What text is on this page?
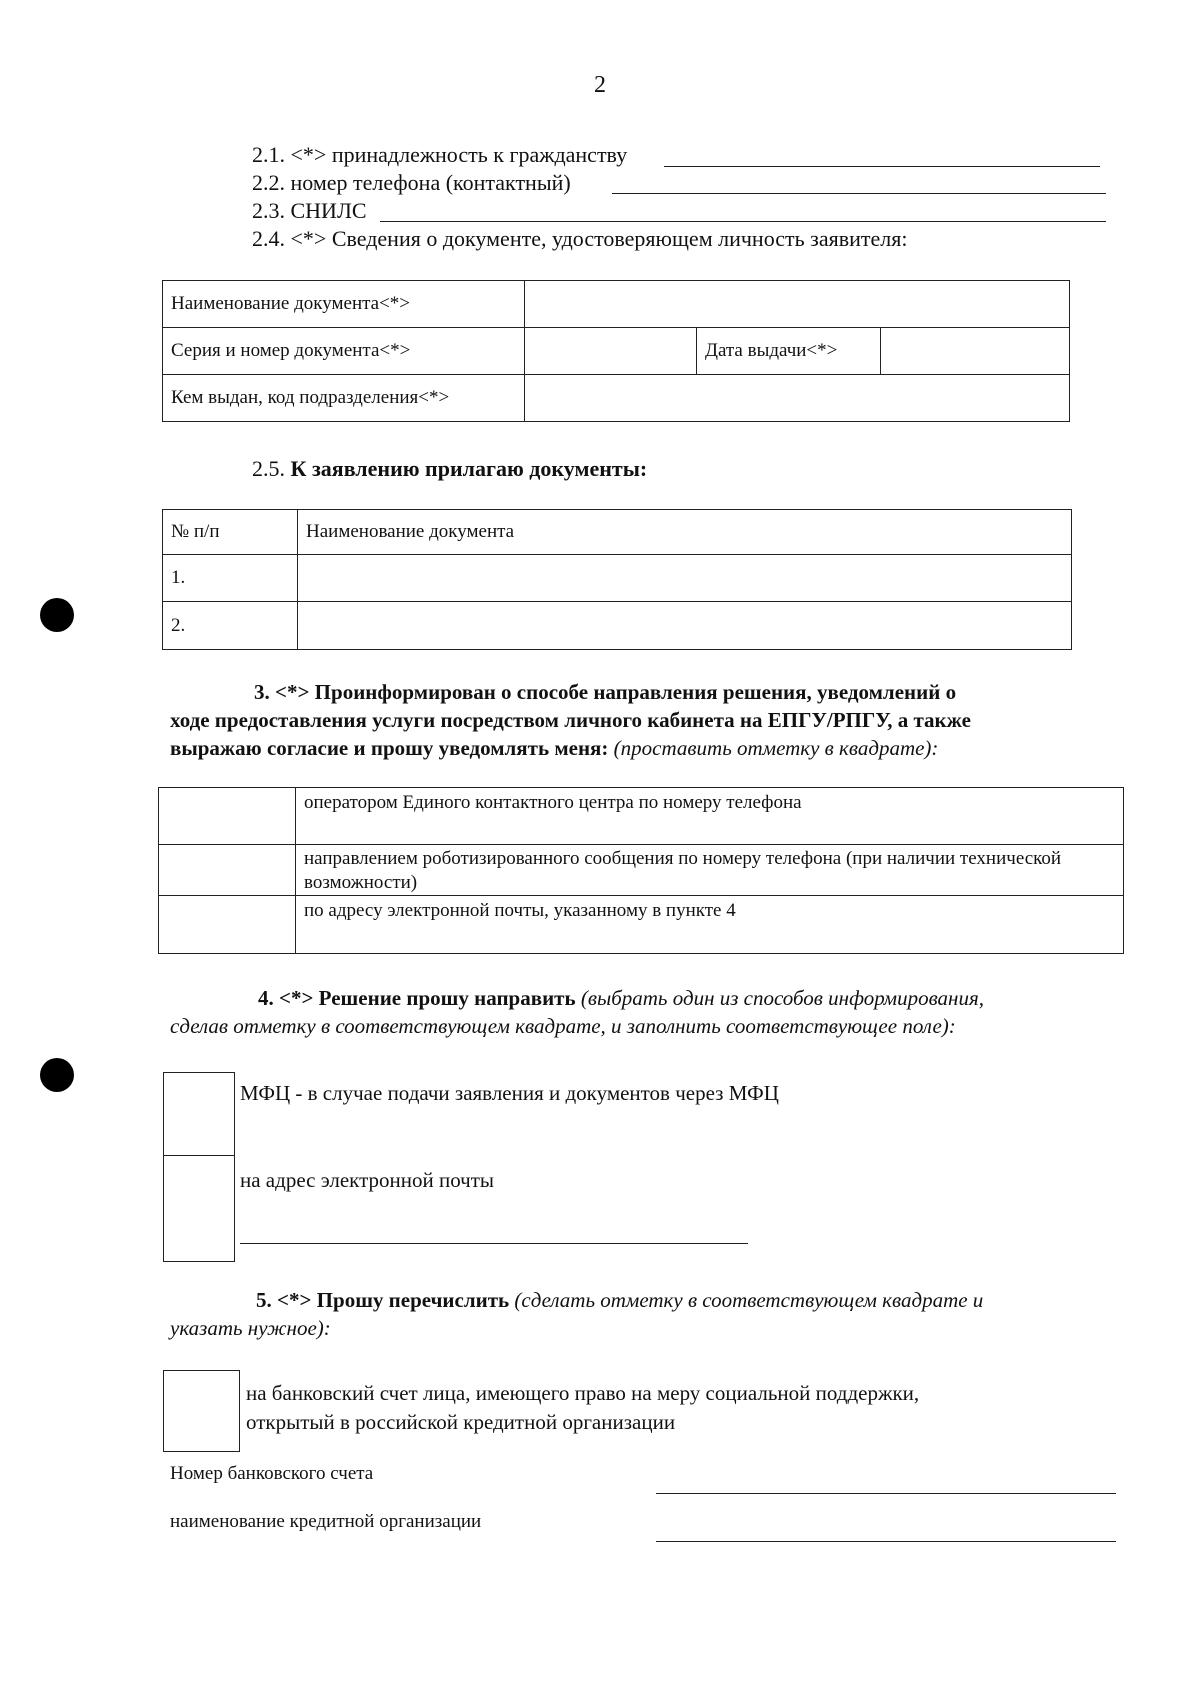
2
2.1. <*> принадлежность к гражданству
2.2. номер телефона (контактный)
2.3. СНИЛС
2.4. <*> Сведения о документе, удостоверяющем личность заявителя:
Наименование документа<*>			
Серия и номер документа<*>		Дата выдачи<*>	
Кем выдан, код подразделения<*>			
2.5. К заявлению прилагаю документы:
№ п/п	Наименование документа
1.	
2.	
3. <*> Проинформирован о способе направления решения, уведомлений о
ходе предоставления услуги посредством личного кабинета на ЕПГУ/РПГУ, а также
выражаю согласие и прошу уведомлять меня: (проставить отметку в квадрате):
	оператором Единого контактного центра по номеру телефона
	направлением роботизированного сообщения по номеру телефона (при наличии технической возможности)
	по адресу электронной почты, указанному в пункте 4
4. <*> Решение прошу направить (выбрать один из способов информирования,
сделав отметку в соответствующем квадрате, и заполнить соответствующее поле):
МФЦ - в случае подачи заявления и документов через МФЦ
на адрес электронной почты
5. <*> Прошу перечислить (сделать отметку в соответствующем квадрате и
указать нужное):
на банковский счет лица, имеющего право на меру социальной поддержки,
открытый в российской кредитной организации
Номер банковского счета
наименование кредитной организации
